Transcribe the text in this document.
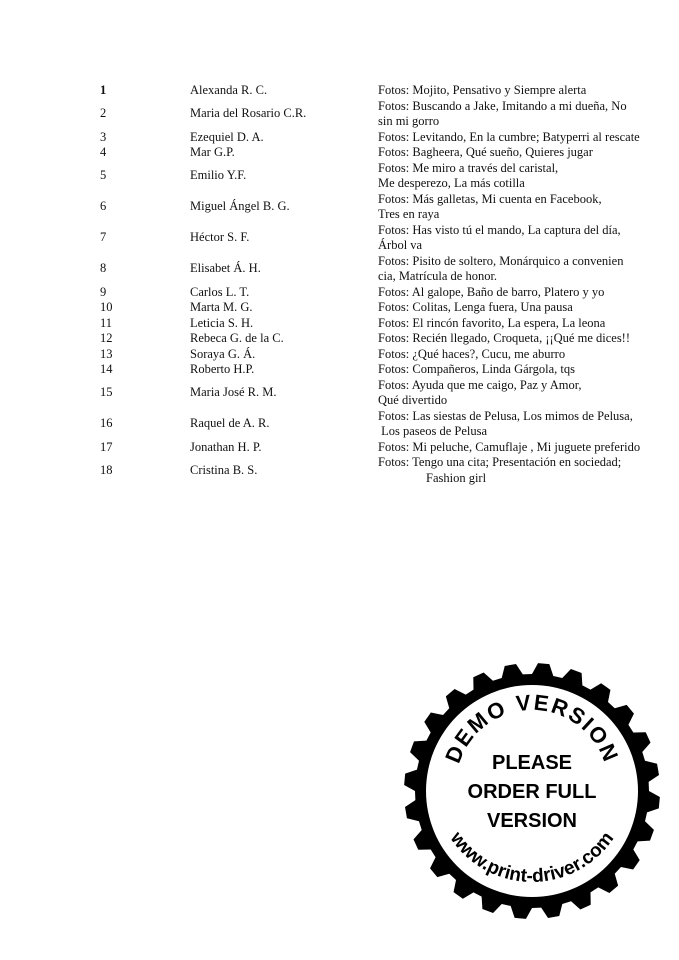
1	Alexanda R. C.	Fotos: Mojito, Pensativo y Siempre alerta

2	Maria del Rosario C.R.	Fotos: Buscando a Jake, Imitando a mi dueña, No
sin mi gorro

3	Ezequiel D. A.	Fotos: Levitando, En la cumbre; Batyperri al rescate

4	Mar G.P.	Fotos: Bagheera, Qué sueño, Quieres jugar

5	Emilio Y.F.	Fotos: Me miro a través del caristal,
Me desperezo, La más cotilla

6	Miguel Ángel B. G.	Fotos: Más galletas, Mi cuenta en Facebook,
Tres en raya

7	Héctor S. F.	Fotos: Has visto tú el mando, La captura del día,
Árbol va

8	Elisabet Á. H.	Fotos: Pisito de soltero, Monárquico a convenien
cia, Matrícula de honor.

9	Carlos L. T.	Fotos: Al galope, Baño de barro, Platero y yo

10	Marta M. G.	Fotos: Colitas, Lenga fuera, Una pausa

11	Leticia S. H.	Fotos: El rincón favorito, La espera, La leona

12	Rebeca G. de la C.	Fotos: Recién llegado, Croqueta, ¡¡Qué me dices!!

13	Soraya G. Á.	Fotos: ¿Qué haces?, Cucu, me aburro

14	Roberto H.P.	Fotos: Compañeros, Linda Gárgola, tqs

15	Maria José R. M.	Fotos: Ayuda que me caigo, Paz y Amor,
Qué divertido

16	Raquel de A. R.	Fotos: Las siestas de Pelusa, Los mimos de Pelusa,
Los paseos de Pelusa

17	Jonathan H. P.	Fotos: Mi peluche, Camuflaje , Mi juguete preferido

18	Cristina B. S.	Fotos: Tengo una cita; Presentación en sociedad;
Fashion girl
DEMO VERSION
PLEASE
ORDER FULL
VERSION
www.print-driver.com
